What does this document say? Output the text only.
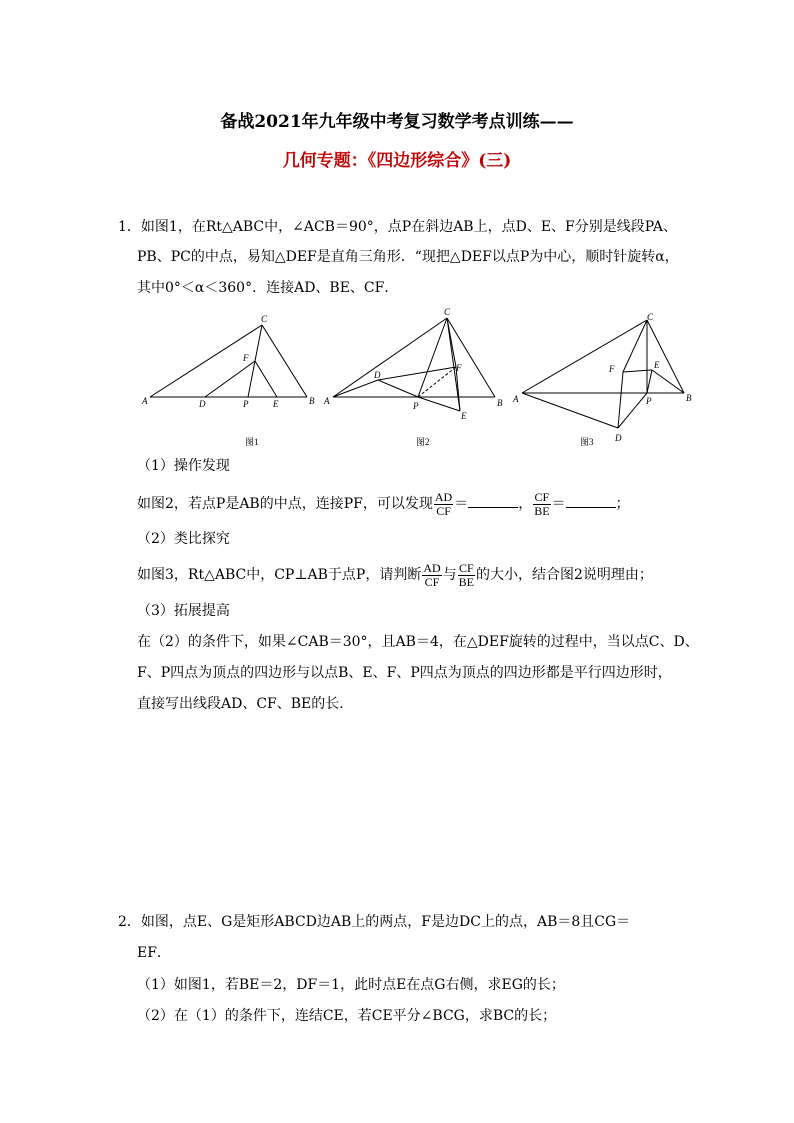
备战2021年九年级中考复习数学考点训练——
几何专题：《四边形综合》(三)
1．如图1，在Rt△ABC中，∠ACB＝90°，点P在斜边AB上，点D、E、F分别是线段PA、
PB、PC的中点，易知△DEF是直角三角形．“现把△DEF以点P为中心，顺时针旋转α，
其中0°＜α＜360°．连接AD、BE、CF．
A	B
C
D	E
F
P
图1
A	B
C
D
E
F
P
图2
A	B
C
D
E
F
P
图3
（1）操作发现
如图2，若点P是AB的中点，连接PF，可以发现 $\frac{AD}{CF}$ ＝	， $\frac{CF}{BE}$ ＝	；
（2）类比探究
如图3，Rt△ABC中，CP⊥AB于点P，请判断 $\frac{AD}{CF}$ 与 $\frac{CF}{BE}$ 的大小，结合图2说明理由；
（3）拓展提高
在（2）的条件下，如果∠CAB＝30°，且AB＝4，在△DEF旋转的过程中，当以点C、D、
F、P四点为顶点的四边形与以点B、E、F、P四点为顶点的四边形都是平行四边形时，
直接写出线段AD、CF、BE的长．
2．如图，点E、G是矩形ABCD边AB上的两点，F是边DC上的点，AB＝8且CG＝
EF．
（1）如图1，若BE＝2，DF＝1，此时点E在点G右侧，求EG的长；
（2）在（1）的条件下，连结CE，若CE平分∠BCG，求BC的长；
